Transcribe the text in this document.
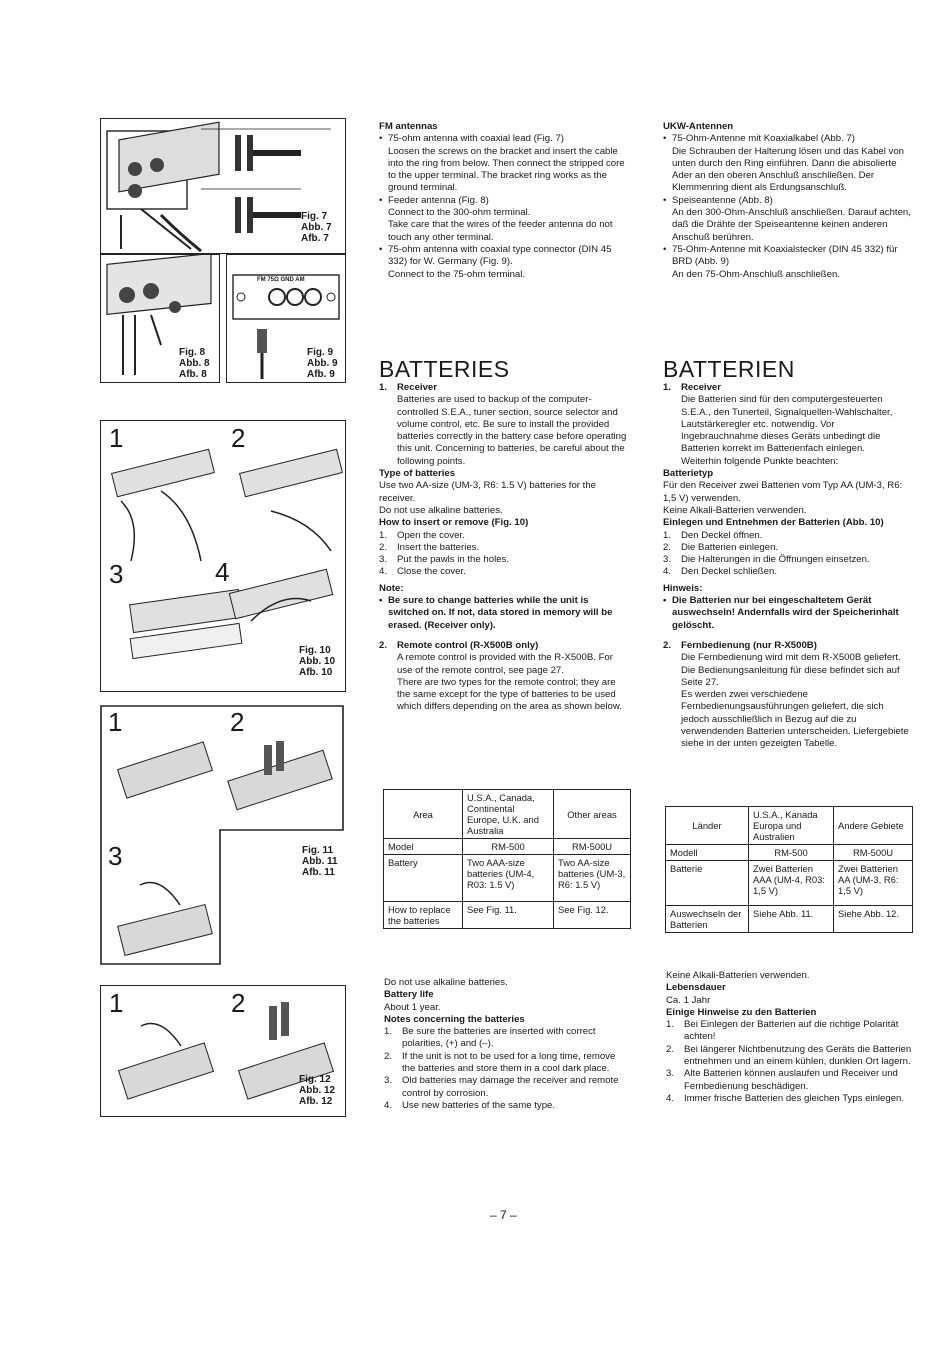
Fig. 7
Abb. 7
Afb. 7
Fig. 8
Abb. 8
Afb. 8
FM 75Ω GND AM
Fig. 9
Abb. 9
Afb. 9
1	2
3	4
Fig. 10
Abb. 10
Afb. 10
1	2
3	Fig. 11
Abb. 11
Afb. 11
1	2
Fig. 12
Abb. 12
Afb. 12

FM antennas

• 75-ohm antenna with coaxial lead (Fig. 7)

Loosen the screws on the bracket and insert the cable into the ring from below. Then connect the stripped core to the upper terminal. The bracket ring works as the ground terminal.

• Feeder antenna (Fig. 8)

Connect to the 300-ohm terminal.

Take care that the wires of the feeder antenna do not touch any other terminal.

• 75-ohm antenna with coaxial type connector (DIN 45 332) for W. Germany (Fig. 9).

Connect to the 75-ohm terminal.

BATTERIES

1.	Receiver

Batteries are used to backup of the computer-controlled S.E.A., tuner section, source selector and volume control, etc. Be sure to install the provided batteries correctly in the battery case before operating this unit. Concerning to batteries, be careful about the following points.

Type of batteries

Use two AA-size (UM-3, R6: 1.5 V) batteries for the receiver.

Do not use alkaline batteries.

How to insert or remove (Fig. 10)

1.	Open the cover.
2.	Insert the batteries.
3.	Put the pawls in the holes.
4.	Close the cover.

Note:

• Be sure to change batteries while the unit is switched on. If not, data stored in memory will be erased. (Receiver only).

2.	Remote control (R-X500B only)

A remote control is provided with the R-X500B. For use of the remote control, see page 27.

There are two types for the remote control; they are the same except for the type of batteries to be used which differs depending on the area as shown below.

Area	U.S.A., Canada, Continental Europe, U.K. and Australia	Other areas
Model	RM-500	RM-500U
Battery	Two AAA-size batteries (UM-4, R03: 1.5 V)	Two AA-size batteries (UM-3, R6: 1.5 V)
How to replace the batteries	See Fig. 11.	See Fig. 12.

Do not use alkaline batteries.

Battery life

About 1 year.

Notes concerning the batteries

1.	Be sure the batteries are inserted with correct polarities, (+) and (–).
2.	If the unit is not to be used for a long time, remove the batteries and store them in a cool dark place.
3.	Old batteries may damage the receiver and remote control by corrosion.
4.	Use new batteries of the same type.

UKW-Antennen

• 75-Ohm-Antenne mit Koaxialkabel (Abb. 7)

Die Schrauben der Halterung lösen und das Kabel von unten durch den Ring einführen. Dann die abisolierte Ader an den oberen Anschluß anschließen. Der Klemmenring dient als Erdungsanschluß.

• Speiseantenne (Abb. 8)

An den 300-Ohm-Anschluß anschließen. Darauf achten, daß die Drähte der Speiseantenne keinen anderen Anschuß berühren.

• 75-Ohm-Antenne mit Koaxialstecker (DIN 45 332) für BRD (Abb. 9)

An den 75-Ohm-Anschluß anschließen.

BATTERIEN

1.	Receiver

Die Batterien sind für den computergesteuerten S.E.A., den Tunerteil, Signalquellen-Wahlschalter, Lautstärkeregler etc. notwendig. Vor Ingebrauchnahme dieses Geräts unbedingt die Batterien korrekt im Batterienfach einlegen.

Weiterhin folgende Punkte beachten:

Batterietyp

Für den Receiver zwei Batterien vom Typ AA (UM-3, R6: 1,5 V) verwenden.

Keine Alkali-Batterien verwenden.

Einlegen und Entnehmen der Batterien (Abb. 10)

1.	Den Deckel öffnen.
2.	Die Batterien einlegen.
3.	Die Halterungen in die Öffnungen einsetzen.
4.	Den Deckel schließen.

Hinweis:

• Die Batterien nur bei eingeschaltetem Gerät auswechseln! Andernfalls wird der Speicherinhalt gelöscht.

2.	Fernbedienung (nur R-X500B)

Die Fernbedienung wird mit dem R-X500B geliefert. Die Bedienungsanleitung für diese befindet sich auf Seite 27.

Es werden zwei verschiedene Fernbedienungsausführungen geliefert, die sich jedoch ausschließlich in Bezug auf die zu verwendenden Batterien unterscheiden. Liefergebiete siehe in der unten gezeigten Tabelle.

Länder	U.S.A., Kanada Europa und Australien	Andere Gebiete
Modell	RM-500	RM-500U
Batterie	Zwei Batterien AAA (UM-4, R03: 1,5 V)	Zwei Batterien AA (UM-3, R6: 1,5 V)
Auswechseln der Batterien	Siehe Abb. 11.	Siehe Abb. 12.

Keine Alkali-Batterien verwenden.

Lebensdauer

Ca. 1 Jahr

Einige Hinweise zu den Batterien

1.	Bei Einlegen der Batterien auf die richtige Polarität achten!
2.	Bei längerer Nichtbenutzung des Geräts die Batterien entnehmen und an einem kühlen, dunklen Ort lagern.
3.	Alte Batterien können auslaufen und Receiver und Fernbedienung beschädigen.
4.	Immer frische Batterien des gleichen Typs einlegen.
– 7 –
